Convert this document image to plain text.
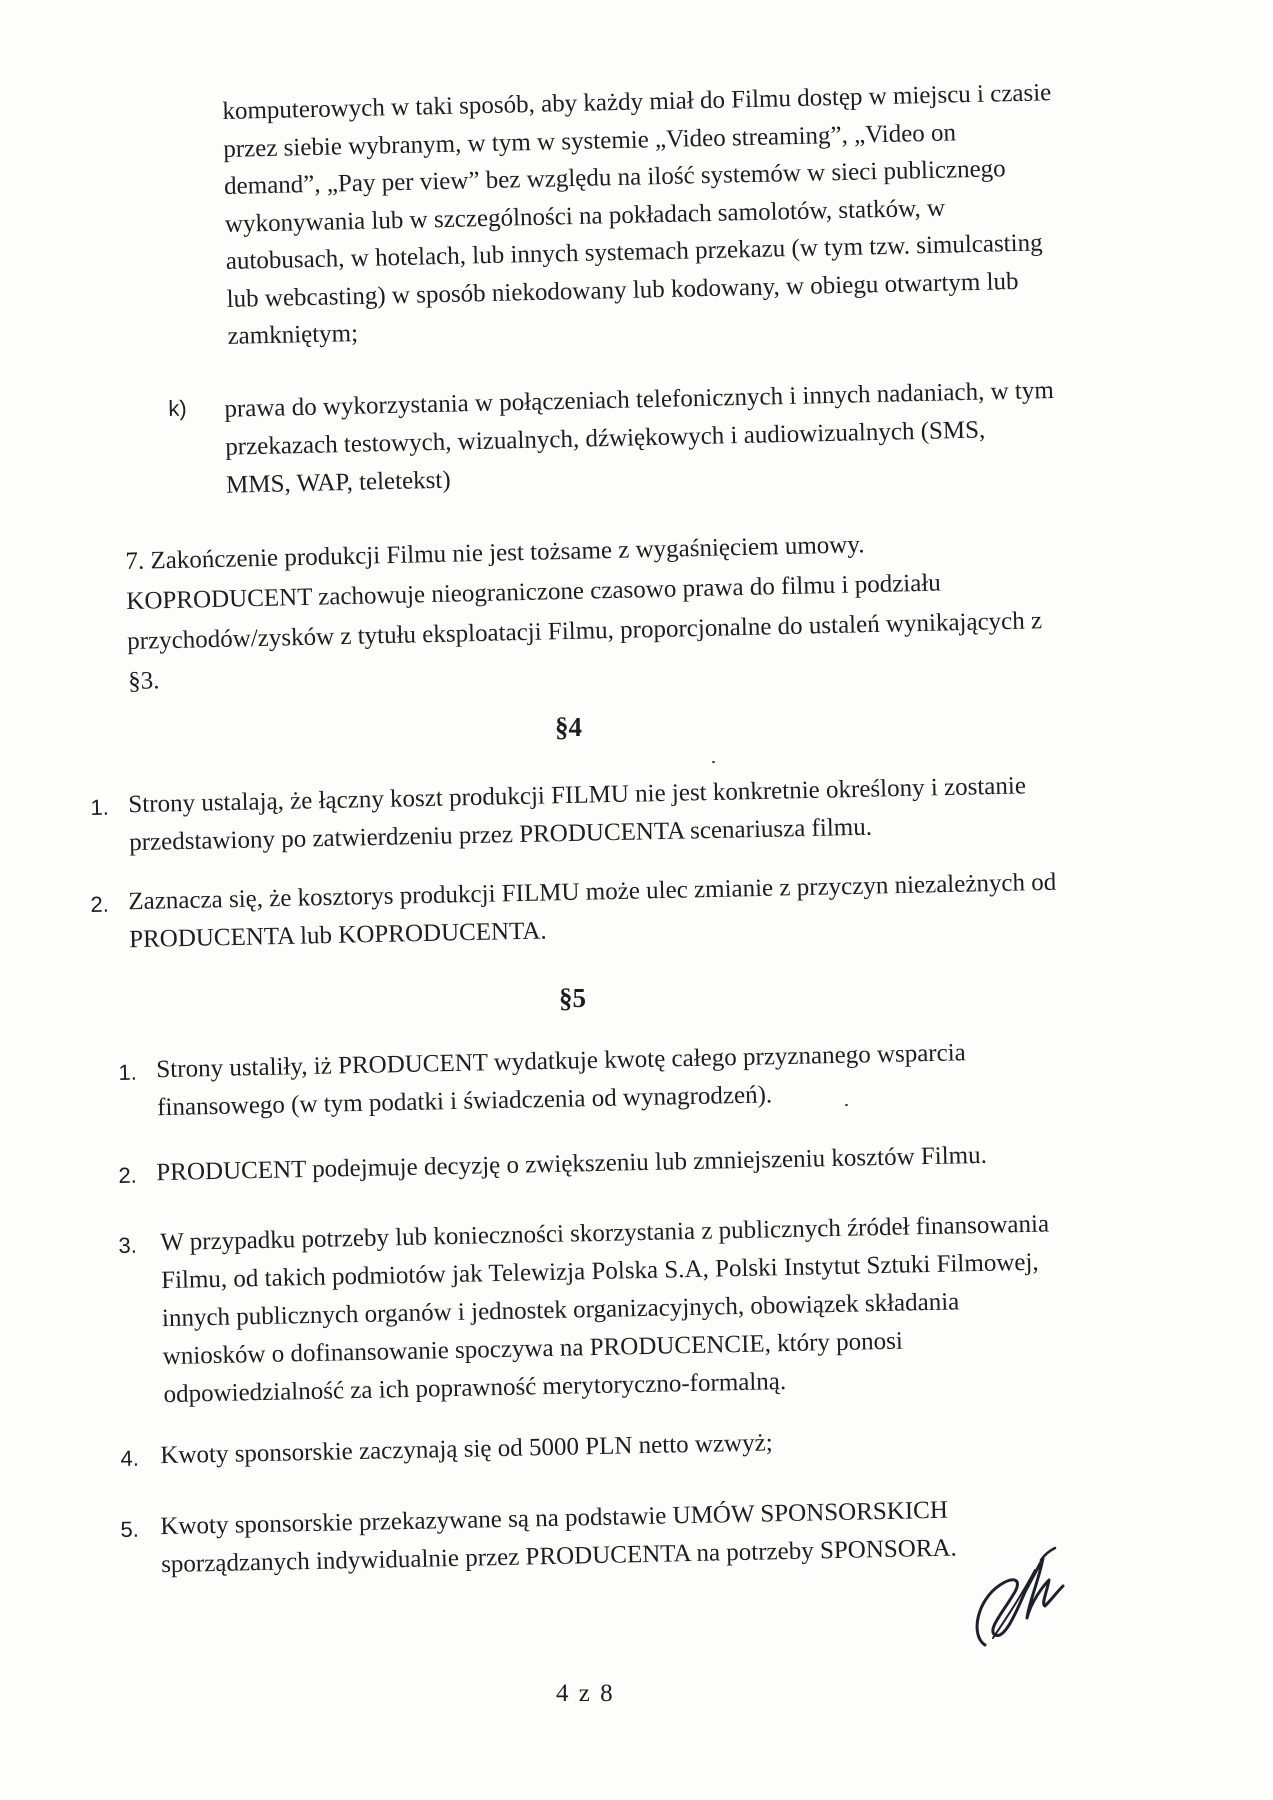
komputerowych w taki sposób, aby każdy miał do Filmu dostęp w miejscu i czasie
przez siebie wybranym, w tym w systemie „Video streaming”, „Video on
demand”, „Pay per view” bez względu na ilość systemów w sieci publicznego
wykonywania lub w szczególności na pokładach samolotów, statków, w
autobusach, w hotelach, lub innych systemach przekazu (w tym tzw. simulcasting
lub webcasting) w sposób niekodowany lub kodowany, w obiegu otwartym lub
zamkniętym;
k) prawa do wykorzystania w połączeniach telefonicznych i innych nadaniach, w tym
przekazach testowych, wizualnych, dźwiękowych i audiowizualnych (SMS,
MMS, WAP, teletekst)
7. Zakończenie produkcji Filmu nie jest tożsame z wygaśnięciem umowy.
KOPRODUCENT zachowuje nieograniczone czasowo prawa do filmu i podziału
przychodów/zysków z tytułu eksploatacji Filmu, proporcjonalne do ustaleń wynikających z
§3.
§4
1. Strony ustalają, że łączny koszt produkcji FILMU nie jest konkretnie określony i zostanie
przedstawiony po zatwierdzeniu przez PRODUCENTA scenariusza filmu.
2. Zaznacza się, że kosztorys produkcji FILMU może ulec zmianie z przyczyn niezależnych od
PRODUCENTA lub KOPRODUCENTA.
§5
1. Strony ustaliły, iż PRODUCENT wydatkuje kwotę całego przyznanego wsparcia
finansowego (w tym podatki i świadczenia od wynagrodzeń).
2. PRODUCENT podejmuje decyzję o zwiększeniu lub zmniejszeniu kosztów Filmu.
3. W przypadku potrzeby lub konieczności skorzystania z publicznych źródeł finansowania
Filmu, od takich podmiotów jak Telewizja Polska S.A, Polski Instytut Sztuki Filmowej,
innych publicznych organów i jednostek organizacyjnych, obowiązek składania
wniosków o dofinansowanie spoczywa na PRODUCENCIE, który ponosi
odpowiedzialność za ich poprawność merytoryczno-formalną.
4. Kwoty sponsorskie zaczynają się od 5000 PLN netto wzwyż;
5. Kwoty sponsorskie przekazywane są na podstawie UMÓW SPONSORSKICH
sporządzanych indywidualnie przez PRODUCENTA na potrzeby SPONSORA.
4 z 8
